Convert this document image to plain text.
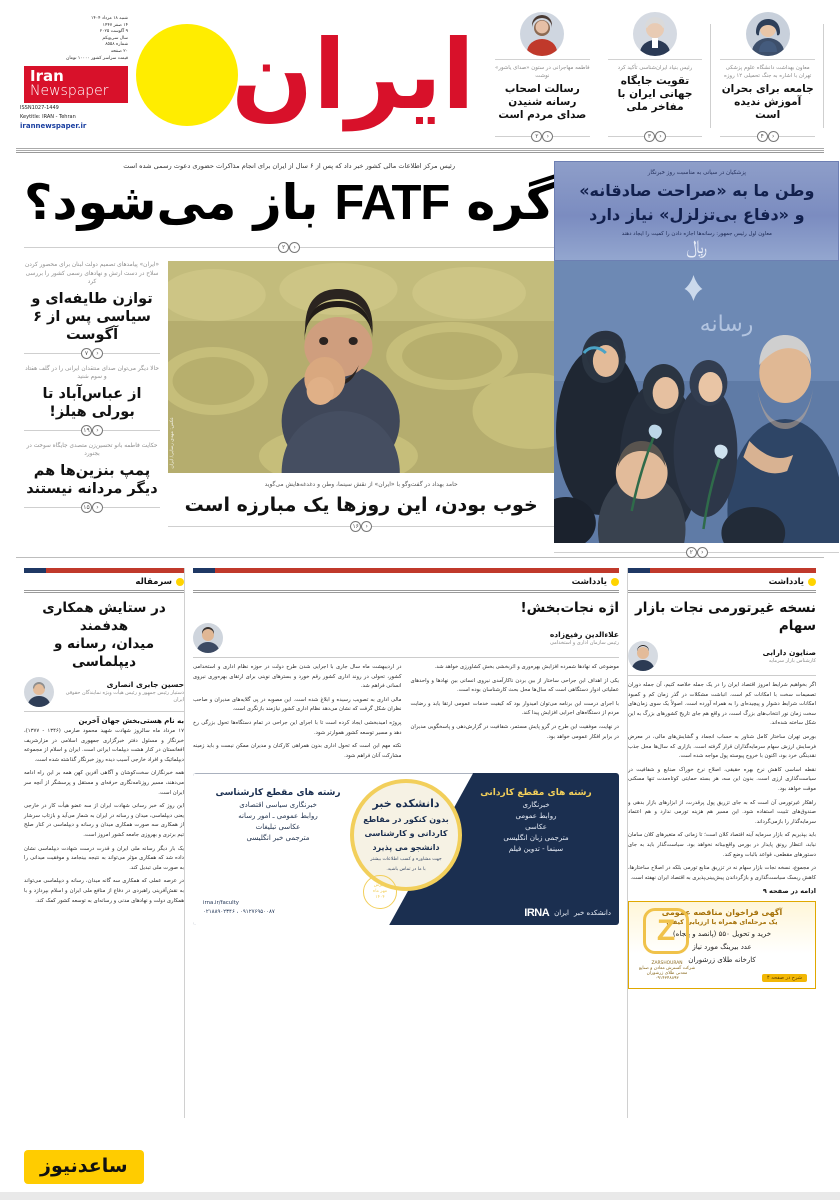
ایران
شنبه ۱۸ مرداد ۱۴۰۴
۱۴ صفر ۱۴۴۷
۹ آگوست ۲۰۲۵
سال سی‌ویکم
شماره ۸۵۵۸
۲۰ صفحه
قیمت سراسر کشور ۱۰۰۰۰ تومان
Iran
Newspaper
ISSN1027-1449
Keytitle: IRAN - Tehran
irannewspaper.ir
فاطمه مهاجرانی در ستون «صدای یاشور» نوشت
رسالت اصحاب رسانه شنیدن صدای مردم است
‹
۲
رئیس بنیاد ایران‌شناسی تأکید کرد
تقویت جایگاه جهانی ایران با مفاخر ملی
‹
۳
معاون بهداشت دانشگاه علوم پزشکی تهران با اشاره به جنگ تحمیلی ۱۲ روزه
جامعه برای بحران آموزش ندیده است
‹
۴
رئیس مرکز اطلاعات مالی کشور خبر داد که پس از ۶ سال از ایران برای انجام مذاکرات حضوری دعوت رسمی شده است
گره FATF باز می‌شود؟
‹
۲
«ایران» پیامدهای تصمیم دولت لبنان برای محصور کردن سلاح در دست ارتش و نهادهای رسمی کشور را بررسی کرد
توازن طایفه‌ای و سیاسی پس از ۶ آگوست
‹
۷
حالا دیگر می‌توان صدای منتقدان ایرانی را در گلف هفتاد و سوم شنید
از عباس‌آباد تا بورلی هیلز!
‹
۱۹
حکایت فاطمه بانو تحسین‌زن متصدی جایگاه سوخت در بجنورد
پمپ بنزین‌ها هم دیگر مردانه نیستند
‹
۱۵
عکس: مهدی رضایی/ ایران
حامد بهداد در گفت‌وگو با «ایران» از نقش سینما، وطن و دغدغه‌هایش می‌گوید
خوب بودن، این روزها یک مبارزه است
‹
۱۶
پزشکیان در سیانی به مناسبت روز خبرنگار
وطن ما به «صراحت صادقانه»
و «دفاع بی‌تزلزل» نیاز دارد
معاون اول رئیس جمهور: رسانه‌ها اجازه دادن را کمیت را ایجاد دهند
﷼
رسانه
‹
۲
سرمقاله
در ستایش همکاری هدفمند
میدان، رسانه و دیپلماسی
حسین جابری انصاری
دستیار رئیس جمهور و رئیس هیأت ویژه نمایندگان حقوقی ایران
به نام هستی‌بخش جهان آخرین

۱۷ مرداد ماه سالروز شهادت شهید محمود صارمی (۱۳۴۶ - ۱۳۷۷)، خبرنگار و مسئول دفتر خبرگزاری جمهوری اسلامی در مزارشریف افغانستان در کنار هشت دیپلمات ایرانی است. ایران و اسلام از مجموعه دیپلماتیک و افراد خارجی آسیب دیده روز خبرنگار گذاشته شده است.

همه خبرنگاران سخت‌کوشان و آگاهی آفرین کهن همه بر این راه ادامه می‌دهند، مسیر روزنامه‌نگاری حرفه‌ای و مستقل و پرسشگر از آنچه سر ایران است.

این روز که خبر رسانی شهادت ایران از سه عضو هیأت کار در خارجی یعنی دیپلماسی، میدان و رسانه در ایران به شمار می‌آید و بازتاب سرشار از همکاری سه صورت همکاری میدان و رسانه و دیپلماسی در کنار صلح تیم برتری و بهروزی جامعه کشور امروز است.

یک بار دیگر رسانه ملی ایران و قدرت درست شهادت دیپلماسی نشان داده شد که همکاری مؤثر می‌تواند به نتیجه بینجامد و موفقیت میدانی را به صورت ملی تبدیل کند.

در عرصه عملی که همکاری سه گانه میدان، رسانه و دیپلماسی می‌تواند به نقش‌آفرینی راهبردی در دفاع از منافع ملی ایران و اسلام بپردازد و با همکاری دولت و نهادهای مدنی و رسانه‌ای به توسعه کشور کمک کند.

یادداشت
اژه نجات‌بخش!
علاءالدین رفیع‌زاده
رئیس سازمان اداری و استخدامی

در اردیبهشت ماه سال جاری با اجرایی شدن طرح دولت در حوزه نظام اداری و استخدامی کشور، تحولی در روند اداری کشور رقم خورد و بسترهای نوینی برای ارتقای بهره‌وری نیروی انسانی فراهم شد.

مالی اداری به تصویب رسیده و ابلاغ شده است. این مصوبه در پی گلایه‌های مدیران و صاحب نظران شکل گرفت که نشان می‌دهد نظام اداری کشور نیازمند بازنگری است.

پروژه امیدبخشی ایجاد کرده است تا با اجرای این جراحی در تمام دستگاه‌ها تحول بزرگی رخ دهد و مسیر توسعه کشور هموارتر شود.

نکته مهم این است که تحول اداری بدون همراهی کارکنان و مدیران ممکن نیست و باید زمینه مشارکت آنان فراهم شود.

موضوعی که نهادها شمرده افزایش بهره‌وری و اثربخشی بخش کشاورزی خواهد شد.

یکی از اهداف این جراحی ساختار از بین بردن ناکارآمدی نیروی انسانی بین نهادها و واحدهای عملیاتی ادوار دستگاهی است که سال‌ها محل بحث کارشناسان بوده است.

با اجرای درست این برنامه می‌توان امیدوار بود که کیفیت خدمات عمومی ارتقا یابد و رضایت مردم از دستگاه‌های اجرایی افزایش پیدا کند.

در نهایت، موفقیت این طرح در گرو پایش مستمر، شفافیت در گزارش‌دهی و پاسخگویی مدیران در برابر افکار عمومی خواهد بود.

رشته های مقطع کاردانی
خبرنگاری
روابط عمومی
عکاسی
مترجمی زبان انگلیسی
سینما - تدوین فیلم
رشته های مقطع کارشناسی
خبرنگاری سیاسی اقتصادی
روابط عمومی ـ امور رسانه
عکاسی تبلیغات
مترجمی خبر انگلیسی
دانشکده خبر
بدون کنکور در مقاطع
کاردانی و کارشناسی
دانشجو می پذیرد
جهت مشاوره و کسب اطلاعات بیشتر
با ما در تماس باشید.
پذیرش
مهر ماه
۱۴۰۴
irna.ir/faculty
۰۲۱۸۸۹۰۲۳۴۶ ، ۰۹۱۲۷۶۹۵۰۰۸۷	دانشکده خبر
ایران
IRNA
یادداشت
نسخه غیرتورمی نجات بازار سهام
صنایون دارابی
کارشناس بازار سرمایه

اگر بخواهیم شرایط امروز اقتصاد ایران را در یک جمله خلاصه کنیم، آن جمله دوران تصمیمات سخت با امکانات کم است. انباشت مشکلات در گذر زمان کم و کمبود امکانات شرایط دشوار و پیچیده‌ای را به همراه آورده است. اصولاً یک سوی زمان‌های سخت زمان نور انتخاب‌های بزرگ است، در واقع هم جای تاریخ کشورهای بزرگ به این شکل ساخته شده‌اند.

بورس تهران ساختار کامل شناور به حساب انجماد و گشایش‌های مالی، در معرض فرسایش ارزش سهام سرمایه‌گذاران قرار گرفته است. بازاری که سال‌ها محل جذب نقدینگی خرد بود، اکنون با خروج پیوسته پول مواجه شده است.

نقطه اساسی کاهش نرخ بهره حقیقی، اصلاح نرخ خوراک صنایع و شفافیت در سیاست‌گذاری ارزی است. بدون این سه، هر بسته حمایتی کوتاه‌مدت تنها مسکنی موقت خواهد بود.

راهکار غیرتورمی آن است که به جای تزریق پول پرقدرت، از ابزارهای بازار بدهی و صندوق‌های تثبیت استفاده شود. این مسیر هم هزینه تورمی ندارد و هم اعتماد سرمایه‌گذار را بازمی‌گرداند.

باید بپذیریم که بازار سرمایه آینه اقتصاد کلان است؛ تا زمانی که متغیرهای کلان سامان نیابد، انتظار رونق پایدار در بورس واقع‌بینانه نخواهد بود. سیاست‌گذار باید به جای دستورهای مقطعی، قواعد باثبات وضع کند.

در مجموع، نسخه نجات بازار سهام نه در تزریق منابع تورمی بلکه در اصلاح ساختارها، کاهش ریسک سیاست‌گذاری و بازگرداندن پیش‌بینی‌پذیری به اقتصاد ایران نهفته است.

ادامه در صفحه ۹
آگهی فراخوان مناقصه عمومی
یک مرحله‌ای همراه با ارزیابی کیفی
خرید و تحویل ۵۵۰ (پانصد و پنجاه)
عدد بیرینگ مورد نیاز
کارخانه طلای زرشوران
Z
ZARSHOURAN
شرکت گسترش معادن و صنایع معدنی طلای زرشوران
۰۹۱۴۳۴۸۸۹۳	شرح در صفحه ۴
ساعدنیوز
